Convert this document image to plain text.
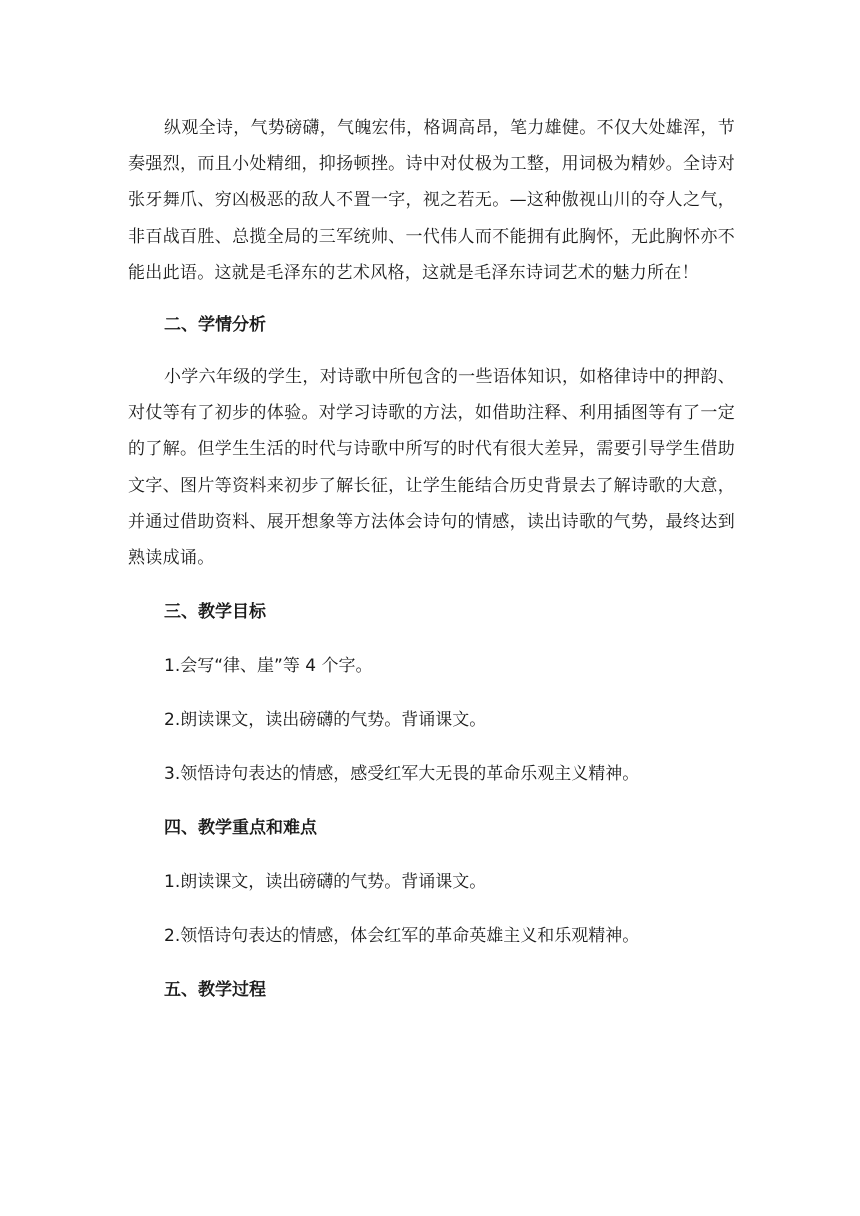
纵观全诗，气势磅礴，气魄宏伟，格调高昂，笔力雄健。不仅大处雄浑，节奏强烈，而且小处精细，抑扬顿挫。诗中对仗极为工整，用词极为精妙。全诗对张牙舞爪、穷凶极恶的敌人不置一字，视之若无。—这种傲视山川的夺人之气，非百战百胜、总揽全局的三军统帅、一代伟人而不能拥有此胸怀，无此胸怀亦不能出此语。这就是毛泽东的艺术风格，这就是毛泽东诗词艺术的魅力所在！

二、学情分析

小学六年级的学生，对诗歌中所包含的一些语体知识，如格律诗中的押韵、对仗等有了初步的体验。对学习诗歌的方法，如借助注释、利用插图等有了一定的了解。但学生生活的时代与诗歌中所写的时代有很大差异，需要引导学生借助文字、图片等资料来初步了解长征，让学生能结合历史背景去了解诗歌的大意，并通过借助资料、展开想象等方法体会诗句的情感，读出诗歌的气势，最终达到熟读成诵。

三、教学目标

1.会写“律、崖”等 4 个字。

2.朗读课文，读出磅礴的气势。背诵课文。

3.领悟诗句表达的情感，感受红军大无畏的革命乐观主义精神。

四、教学重点和难点

1.朗读课文，读出磅礴的气势。背诵课文。

2.领悟诗句表达的情感，体会红军的革命英雄主义和乐观精神。

五、教学过程
